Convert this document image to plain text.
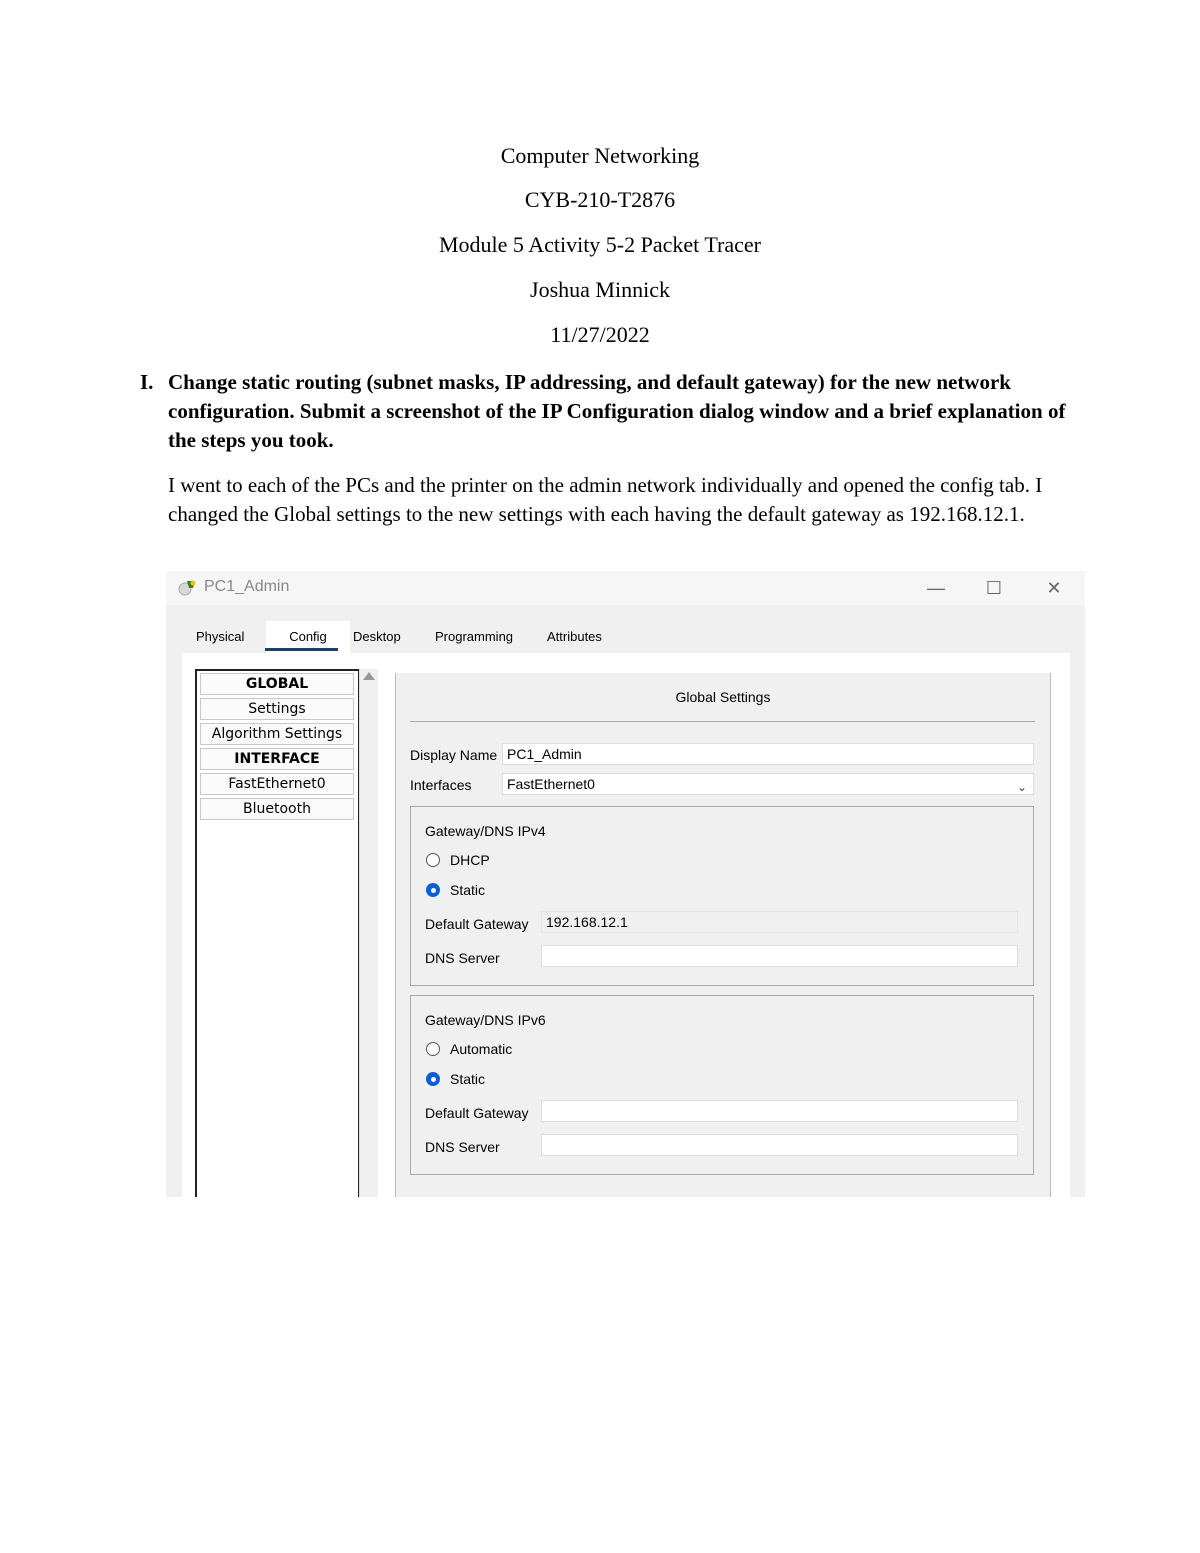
Computer Networking
CYB-210-T2876
Module 5 Activity 5-2 Packet Tracer
Joshua Minnick
11/27/2022
I. Change static routing (subnet masks, IP addressing, and default gateway) for the new network configuration. Submit a screenshot of the IP Configuration dialog window and a brief explanation of the steps you took.
I went to each of the PCs and the printer on the admin network individually and opened the config tab. I changed the Global settings to the new settings with each having the default gateway as 192.168.12.1.
PC1_Admin	—	☐	✕
Physical	Config	Desktop	Programming	Attributes
GLOBAL
Settings
Algorithm Settings
INTERFACE
FastEthernet0
Bluetooth
Global Settings
Display Name PC1_Admin
Interfaces	FastEthernet0	⌄
Gateway/DNS IPv4
DHCP
Static
Default Gateway	192.168.12.1
DNS Server
Gateway/DNS IPv6
Automatic
Static
Default Gateway
DNS Server
